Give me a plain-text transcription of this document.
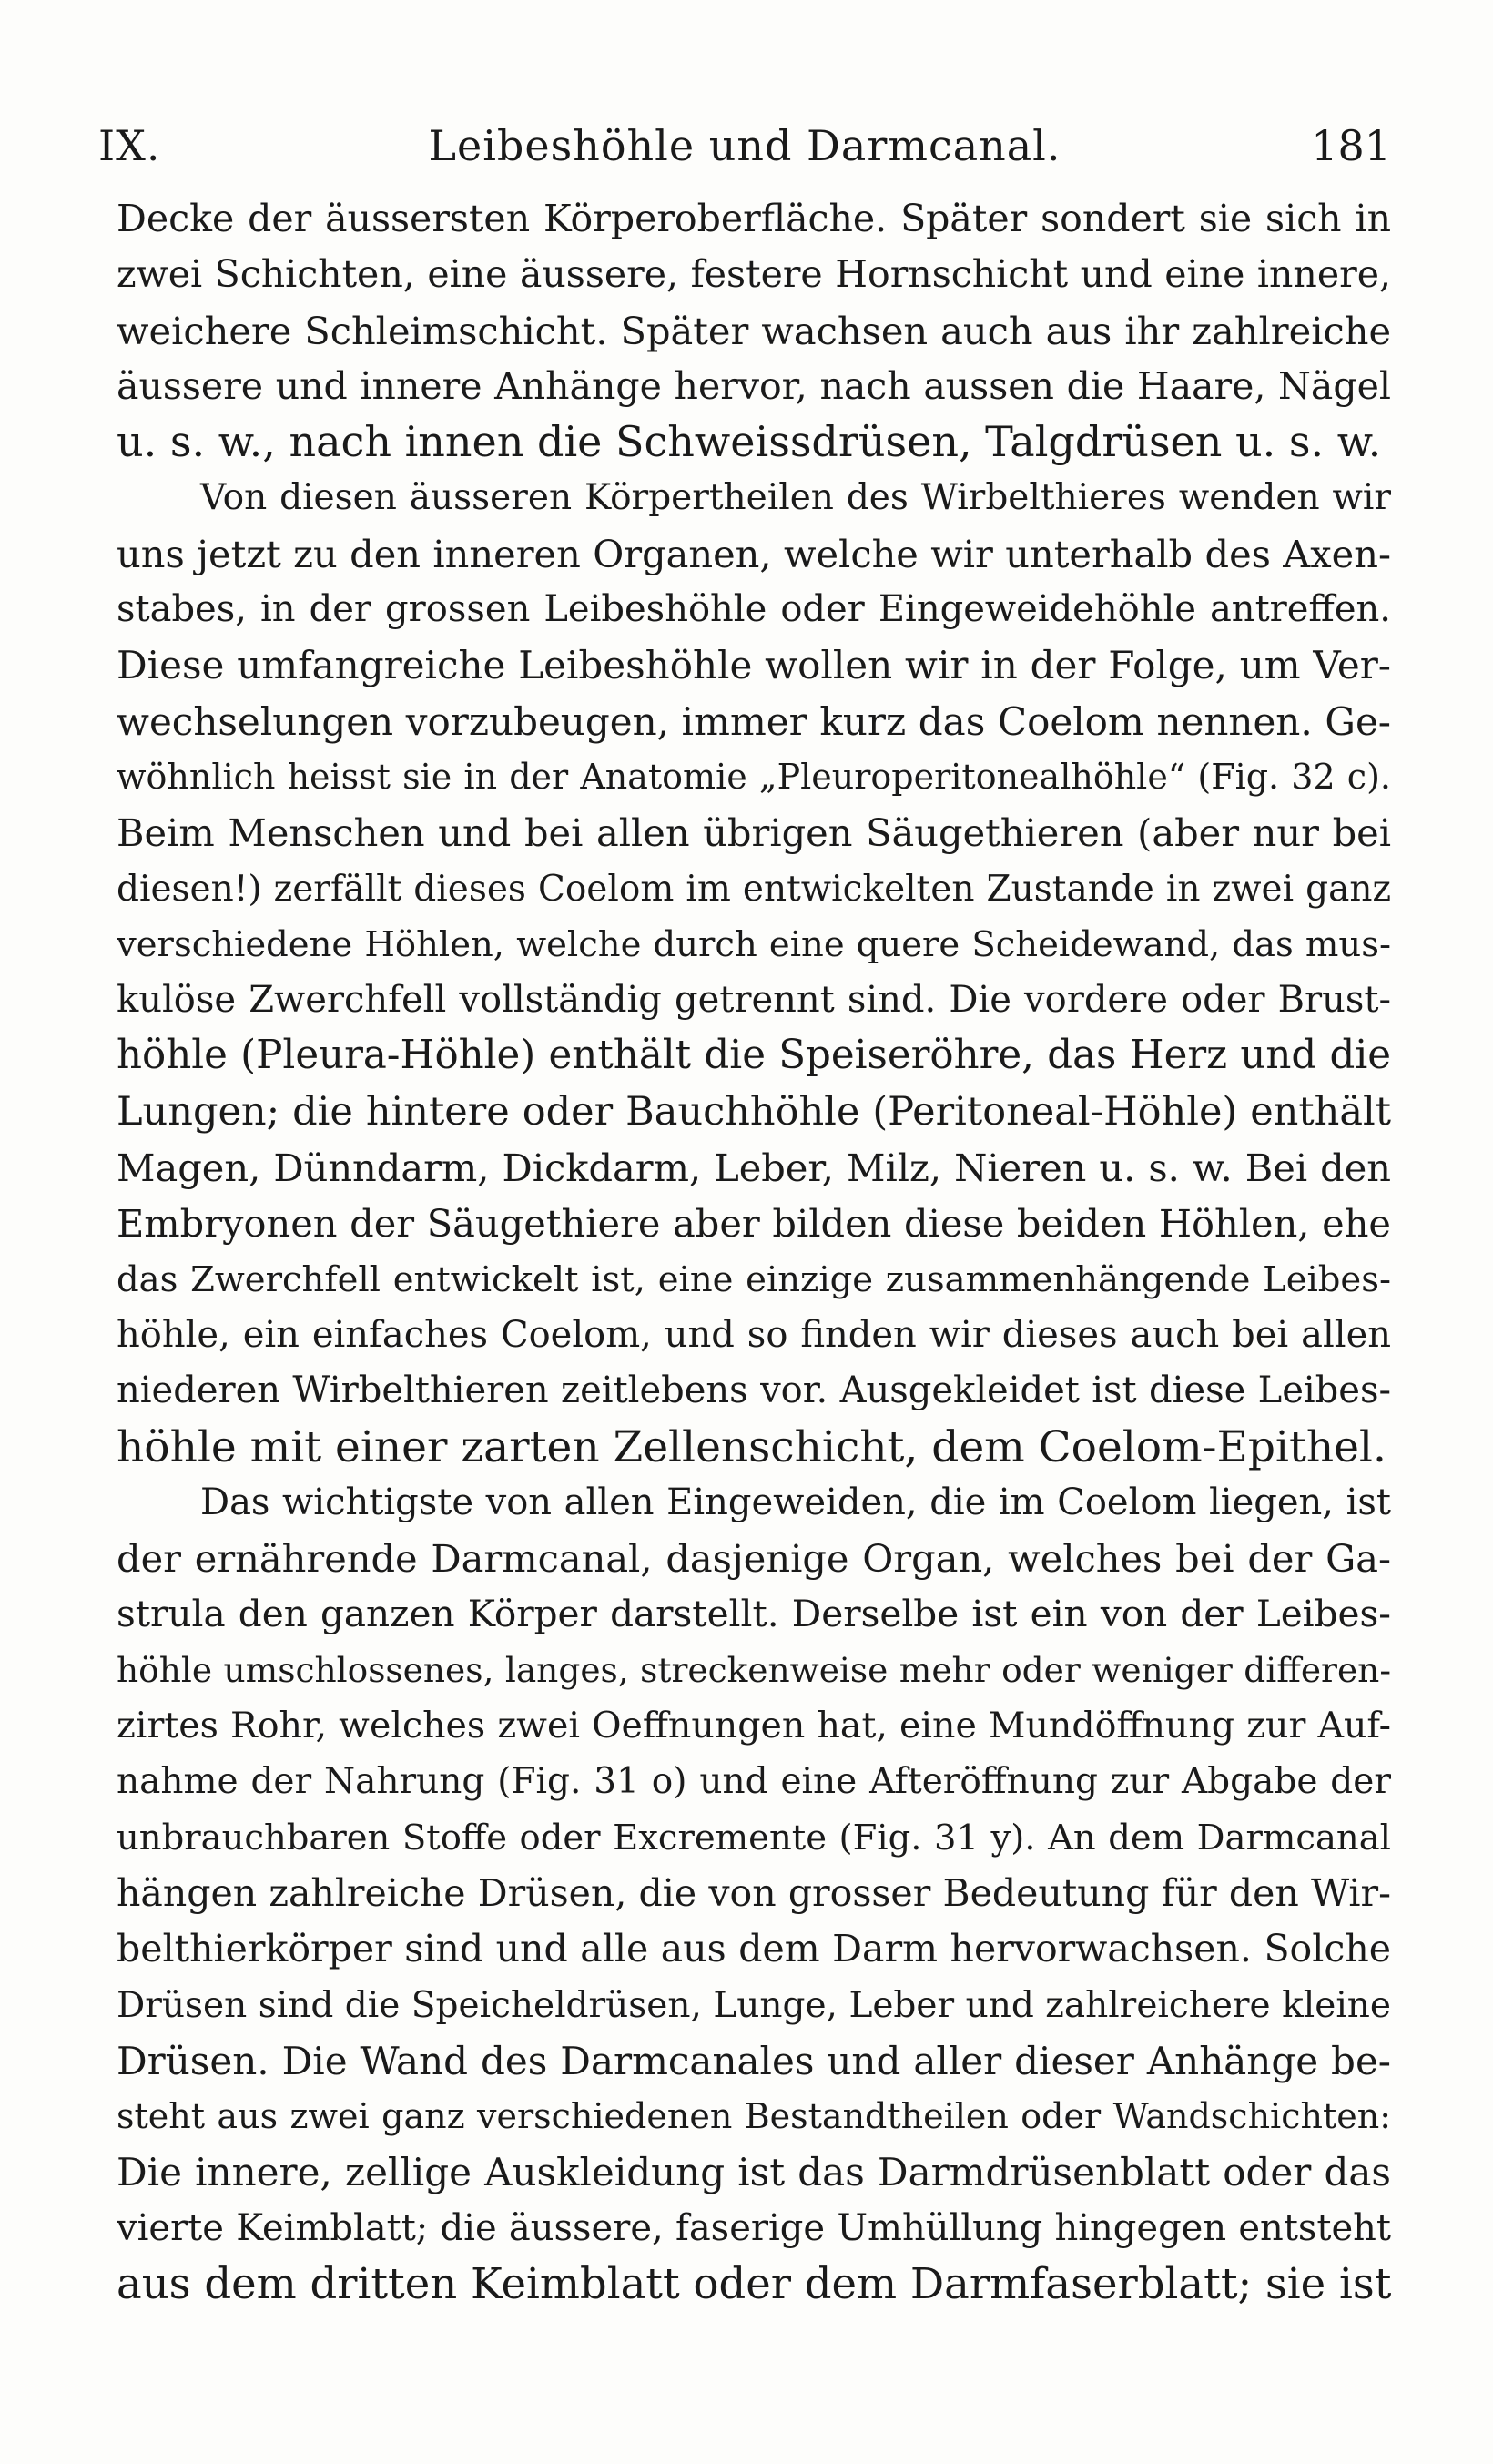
IX.	Leibeshöhle und Darmcanal.	181
Decke der äussersten Körperoberfläche. Später sondert sie sich in
zwei Schichten, eine äussere, festere Hornschicht und eine innere,
weichere Schleimschicht. Später wachsen auch aus ihr zahlreiche
äussere und innere Anhänge hervor, nach aussen die Haare, Nägel
u. s. w., nach innen die Schweissdrüsen, Talgdrüsen u. s. w.
Von diesen äusseren Körpertheilen des Wirbelthieres wenden wir
uns jetzt zu den inneren Organen, welche wir unterhalb des Axen-
stabes, in der grossen Leibeshöhle oder Eingeweidehöhle antreffen.
Diese umfangreiche Leibeshöhle wollen wir in der Folge, um Ver-
wechselungen vorzubeugen, immer kurz das Coelom nennen. Ge-
wöhnlich heisst sie in der Anatomie „Pleuroperitonealhöhle“ (Fig. 32 c).
Beim Menschen und bei allen übrigen Säugethieren (aber nur bei
diesen!) zerfällt dieses Coelom im entwickelten Zustande in zwei ganz
verschiedene Höhlen, welche durch eine quere Scheidewand, das mus-
kulöse Zwerchfell vollständig getrennt sind. Die vordere oder Brust-
höhle (Pleura-Höhle) enthält die Speiseröhre, das Herz und die
Lungen; die hintere oder Bauchhöhle (Peritoneal-Höhle) enthält
Magen, Dünndarm, Dickdarm, Leber, Milz, Nieren u. s. w. Bei den
Embryonen der Säugethiere aber bilden diese beiden Höhlen, ehe
das Zwerchfell entwickelt ist, eine einzige zusammenhängende Leibes-
höhle, ein einfaches Coelom, und so finden wir dieses auch bei allen
niederen Wirbelthieren zeitlebens vor. Ausgekleidet ist diese Leibes-
höhle mit einer zarten Zellenschicht, dem Coelom-Epithel.
Das wichtigste von allen Eingeweiden, die im Coelom liegen, ist
der ernährende Darmcanal, dasjenige Organ, welches bei der Ga-
strula den ganzen Körper darstellt. Derselbe ist ein von der Leibes-
höhle umschlossenes, langes, streckenweise mehr oder weniger differen-
zirtes Rohr, welches zwei Oeffnungen hat, eine Mundöffnung zur Auf-
nahme der Nahrung (Fig. 31 o) und eine Afteröffnung zur Abgabe der
unbrauchbaren Stoffe oder Excremente (Fig. 31 y). An dem Darmcanal
hängen zahlreiche Drüsen, die von grosser Bedeutung für den Wir-
belthierkörper sind und alle aus dem Darm hervorwachsen. Solche
Drüsen sind die Speicheldrüsen, Lunge, Leber und zahlreichere kleine
Drüsen. Die Wand des Darmcanales und aller dieser Anhänge be-
steht aus zwei ganz verschiedenen Bestandtheilen oder Wandschichten:
Die innere, zellige Auskleidung ist das Darmdrüsenblatt oder das
vierte Keimblatt; die äussere, faserige Umhüllung hingegen entsteht
aus dem dritten Keimblatt oder dem Darmfaserblatt; sie ist
